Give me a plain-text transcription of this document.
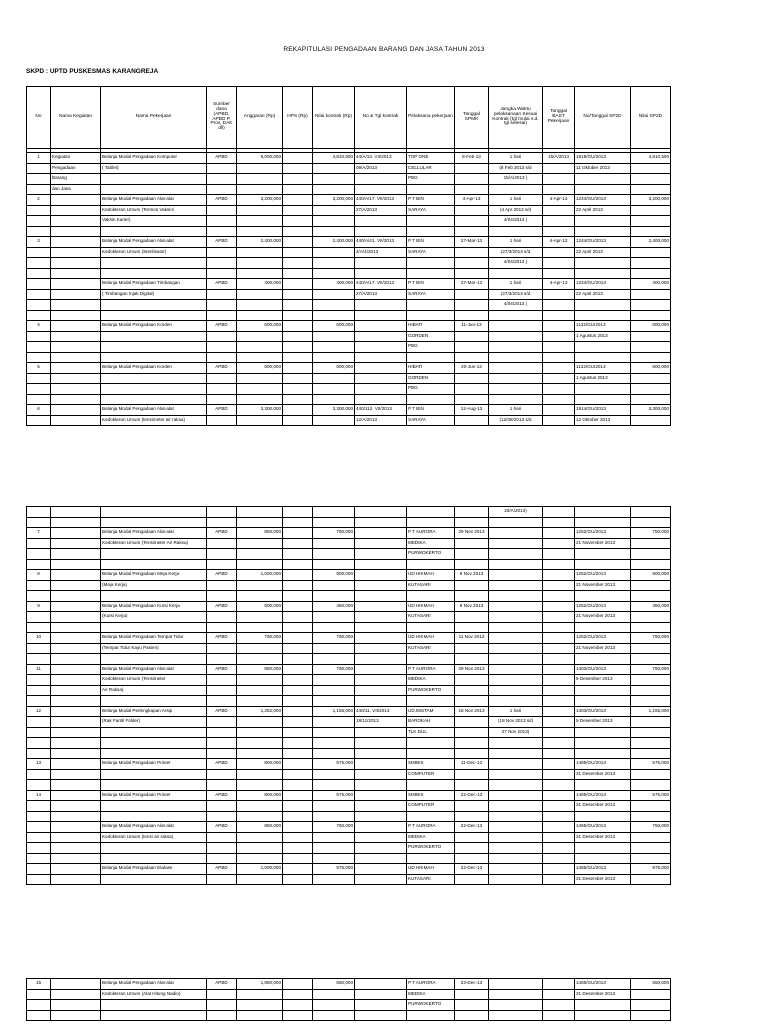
REKAPITULASI PENGADAAN BARANG DAN JASA TAHUN 2013
SKPD : UPTD PUSKESMAS KARANGREJA
No	Nama Kegiatan	Nama Pekerjaan	Sumber dana (APBD, APBD P, Prov, DAK dll)	Anggaran (Rp)	HPS (Rp)	Nilai kontrak (Rp)	No & Tgl kontrak	Pelaksana pekerjaan	Tanggal SPMK	Jangka Waktu pelaksanaan Sesuai Kontrak (tgl mulai s.d. tgl selesai)	Tanggal BAST Pekerjaan	No/Tanggal SP2D	Nilai SP2D

1	Kegiatan	Belanja Modal Pengadaan Komputer	APBD	5,000,000		4,810,500	44/A/13. VII/2013	TOP ONE	8-Feb-13	1 hari	15/A/2013	1919/GU/2013	4,810,500
	Pengadaan	( Tablet)					09/A/2013	CELLULAR		(8 Feb 2013 s/d		11 Oktober 2013	
	Barang							PBG		15/A/2013 )			
	dan Jasa												
2		Belanja Modal Pengadaan Alat-alat	APBD	3,200,000		3,200,000	440/A/17. VII/2013	P T BIN	4-Apr-13	1 hari	4-Apr-13	1244/GU/2013	3,200,000
		Kedokteran Umum (Termos Vaksin/					27/A/2013	SARAYA		(4 Apr 2013 s/d		22 April 2013	
		Vaksin Karier)								4/04/2013 )			

3		Belanja Modal Pengadaan Alat-alat	APBD	2,400,000		2,400,000	440/A/41. VII/2013	P T BIN	27-Mar-13	1 hari	4-Apr-13	1244/GU/2013	2,400,000
		Kedokteran Umum (Sterilisator)					4/A/4/2013	SARAYA		(27/3/2013 s/d		22 April 2013	
										4/04/2013 )			

		Belanja Modal Pengadaan Timbangan	APBD	400,000		400,000	440/A/17. VII/2013	P T BIN	27-Mar-13	1 hari	4-Apr-13	1244/GU/2013	400,000
		( Timbangan Injak Digital)					27/A/2013	SARAYA		(27/3/2013 s/d		22 April 2013	
										4/04/2013 )			

4		Belanja Modal Pengadaan Korden	APBD	600,000		600,000		HIBATI	11-Jun-13			1132/GU/2013	600,000
								GORDEN				1 Agustus 2013	
								PBG					

5		Belanja Modal Pengadaan Korden	APBD	600,000		600,000		HIBATI	20-Jun-13			1132/GU/2013	600,000
								GORDEN				1 Agustus 2013	
								PBG					

6		Belanja Modal Pengadaan Alat-alat	APBD	3,300,000		3,300,000	440/112. VII/2013	P T BIN	12-Aug-13	1 hari		1914/GU/2013	3,300,000
		Kedokteran Umum (tensimeter air raksa)					12/A/2013	SARAYA		(12/08/2013 s/d		12 Oktober 2013	
										20/A/2013)			

7		Belanja Modal Pengadaan Alat-alat	APBD	850,000		750,000		P T AURORA	29 Nov 2013			1252/GU/2013	750,000
		Kedokteran Umum (Tensimeter Air Raksa)						MEDIKA				21 November 2013	
								PURWOKERTO					

8		Belanja Modal Pengadaan Meja Kerja	APBD	1,000,000		900,000		UD HIKMAH	8 Nov 2013			1252/GU/2013	900,000
		(Meja Kerja)						KUTASARI				21 November 2013	

9		Belanja Modal Pengadaan Kursi Kerja	APBD	500,000		450,000		UD HIKMAH	8 Nov 2013			1252/GU/2013	450,000
		(Kursi Kerja)						KUTASARI				21 November 2013	

10		Belanja Modal Pengadaan Tempat Tidur	APBD	750,000		750,000		UD HIKMAH	11 Nov 2013			1252/GU/2013	750,000
		(Tempat Tidur Kayu Pasien)						KUTASARI				21 November 2013	

11		Belanja Modal Pengadaan Alat-alat	APBD	850,000		750,000		P T AURORA	29 Nov 2013			1403/GU/2013	750,000
		Kedokteran Umum (Tensimeter						MEDIKA				9 Desember 2013	
		Air Raksa)						PURWOKERTO					

12		Belanja Modal Perlengkapan Arsip	APBD	1,252,000		1,155,000	440/11. VII/2013	UD.MISTAM	18 Nov 2013	1 hari		1403/GU/2013	1,155,000
		(Rak Fantil Folder)					18/11/2013	BAROKAH		(18 Nov 2013 s/d		9 Desember 2013	
								TLK DUL		27 Nov 2013)			

13		Belanja Modal Pengadaan Printer	APBD	800,000		575,000		SIMBIS	11-Dec-13			1465/GU/2013	575,000
								COMPUTER				31 Desember 2013	

14		Belanja Modal Pengadaan Printer	APBD	800,000		575,000		SIMBIS	22-Dec-13			1465/GU/2013	575,000
								COMPUTER				31 Desember 2013	

		Belanja Modal Pengadaan Alat-alat	APBD	850,000		750,000		P T AURORA	22-Dec-13			1465/GU/2013	750,000
		Kedokteran Umum (tensi air raksa)						MEDIKA				31 Desember 2013	
								PURWOKERTO					

		Belanja Modal Pengadaan Etalase	APBD	1,000,000		975,000		UD HIKMAH	22-Dec-13			1465/GU/2013	975,000
								KUTASARI				31 Desember 2013	
15		Belanja Modal Pengadaan Alat-alat	APBD	1,850,000		550,000		P T AURORA	23-Dec-13			1465/GU/2013	550,000
		Kedokteran Umum (Alat Hitung Nadio)						MEDIKA				31 Desember 2013	
								PURWOKERTO					
